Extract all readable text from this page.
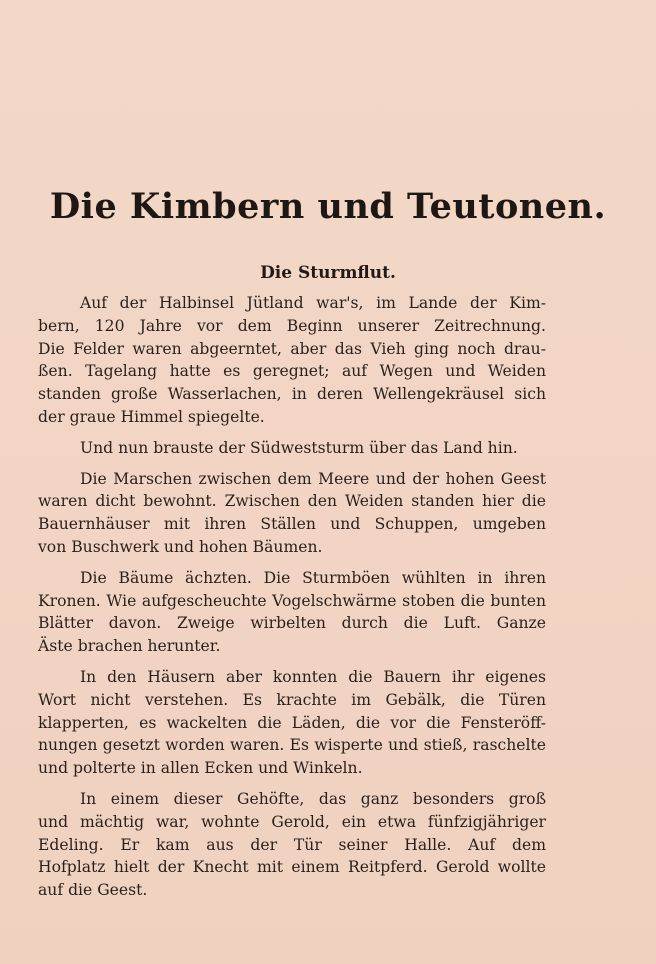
Die Kimbern und Teutonen.
Die Sturmflut.

Auf der Halbinsel Jütland war's, im Lande der Kim-
bern, 120 Jahre vor dem Beginn unserer Zeitrechnung.
Die Felder waren abgeerntet, aber das Vieh ging noch drau-
ßen. Tagelang hatte es geregnet; auf Wegen und Weiden
standen große Wasserlachen, in deren Wellengekräusel sich
der graue Himmel spiegelte.

Und nun brauste der Südweststurm über das Land hin.

Die Marschen zwischen dem Meere und der hohen Geest
waren dicht bewohnt. Zwischen den Weiden standen hier die
Bauernhäuser mit ihren Ställen und Schuppen, umgeben
von Buschwerk und hohen Bäumen.

Die Bäume ächzten. Die Sturmböen wühlten in ihren
Kronen. Wie aufgescheuchte Vogelschwärme stoben die bunten
Blätter davon. Zweige wirbelten durch die Luft. Ganze
Äste brachen herunter.

In den Häusern aber konnten die Bauern ihr eigenes
Wort nicht verstehen. Es krachte im Gebälk, die Türen
klapperten, es wackelten die Läden, die vor die Fensteröff-
nungen gesetzt worden waren. Es wisperte und stieß, raschelte
und polterte in allen Ecken und Winkeln.

In einem dieser Gehöfte, das ganz besonders groß
und mächtig war, wohnte Gerold, ein etwa fünfzigjähriger
Edeling. Er kam aus der Tür seiner Halle. Auf dem
Hofplatz hielt der Knecht mit einem Reitpferd. Gerold wollte
auf die Geest.
